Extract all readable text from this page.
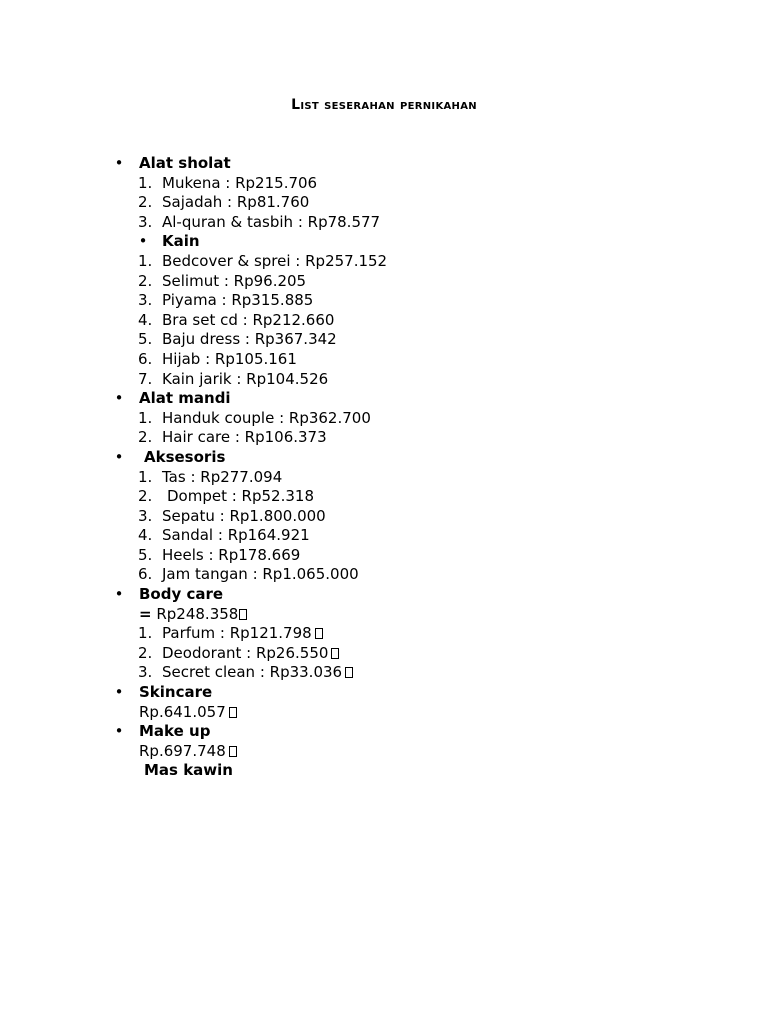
List seserahan pernikahan
• Alat sholat
1. Mukena : Rp215.706
2. Sajadah : Rp81.760
3. Al-quran & tasbih : Rp78.577
• Kain
1. Bedcover & sprei : Rp257.152
2. Selimut : Rp96.205
3. Piyama : Rp315.885
4. Bra set cd : Rp212.660
5. Baju dress : Rp367.342
6. Hijab : Rp105.161
7. Kain jarik : Rp104.526
• Alat mandi
1. Handuk couple : Rp362.700
2. Hair care : Rp106.373
• Aksesoris
1. Tas : Rp277.094
2. Dompet : Rp52.318
3. Sepatu : Rp1.800.000
4. Sandal : Rp164.921
5. Heels : Rp178.669
6. Jam tangan : Rp1.065.000
• Body care
= Rp248.358
1. Parfum : Rp121.798
2. Deodorant : Rp26.550
3. Secret clean : Rp33.036
• Skincare
Rp.641.057
• Make up
Rp.697.748
Mas kawin
